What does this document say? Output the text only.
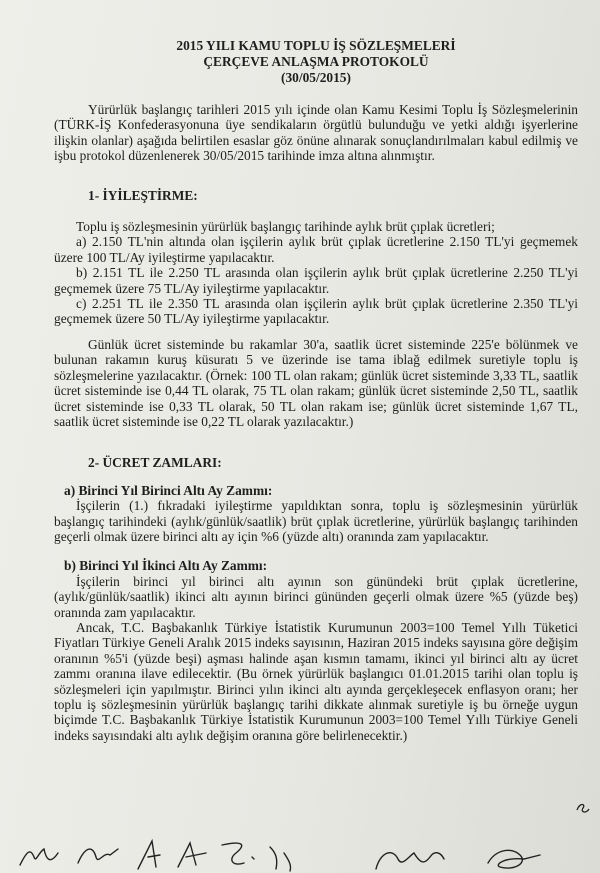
2015 YILI KAMU TOPLU İŞ SÖZLEŞMELERİ
ÇERÇEVE ANLAŞMA PROTOKOLÜ
(30/05/2015)

Yürürlük başlangıç tarihleri 2015 yılı içinde olan Kamu Kesimi Toplu İş Sözleşmelerinin (TÜRK-İŞ Konfederasyonuna üye sendikaların örgütlü bulunduğu ve yetki aldığı işyerlerine ilişkin olanlar) aşağıda belirtilen esaslar göz önüne alınarak sonuçlandırılmaları kabul edilmiş ve işbu protokol düzenlenerek 30/05/2015 tarihinde imza altına alınmıştır.

1- İYİLEŞTİRME:

Toplu iş sözleşmesinin yürürlük başlangıç tarihinde aylık brüt çıplak ücretleri;

a) 2.150 TL'nin altında olan işçilerin aylık brüt çıplak ücretlerine 2.150 TL'yi geçmemek üzere 100 TL/Ay iyileştirme yapılacaktır.

b) 2.151 TL ile 2.250 TL arasında olan işçilerin aylık brüt çıplak ücretlerine 2.250 TL'yi geçmemek üzere 75 TL/Ay iyileştirme yapılacaktır.

c) 2.251 TL ile 2.350 TL arasında olan işçilerin aylık brüt çıplak ücretlerine 2.350 TL'yi geçmemek üzere 50 TL/Ay iyileştirme yapılacaktır.

Günlük ücret sisteminde bu rakamlar 30'a, saatlik ücret sisteminde 225'e bölünmek ve bulunan rakamın kuruş küsuratı 5 ve üzerinde ise tama iblağ edilmek suretiyle toplu iş sözleşmelerine yazılacaktır. (Örnek: 100 TL olan rakam; günlük ücret sisteminde 3,33 TL, saatlik ücret sisteminde ise 0,44 TL olarak, 75 TL olan rakam; günlük ücret sisteminde 2,50 TL, saatlik ücret sisteminde ise 0,33 TL olarak, 50 TL olan rakam ise; günlük ücret sisteminde 1,67 TL, saatlik ücret sisteminde ise 0,22 TL olarak yazılacaktır.)

2- ÜCRET ZAMLARI:

a) Birinci Yıl Birinci Altı Ay Zammı:

İşçilerin (1.) fıkradaki iyileştirme yapıldıktan sonra, toplu iş sözleşmesinin yürürlük başlangıç tarihindeki (aylık/günlük/saatlik) brüt çıplak ücretlerine, yürürlük başlangıç tarihinden geçerli olmak üzere birinci altı ay için %6 (yüzde altı) oranında zam yapılacaktır.

b) Birinci Yıl İkinci Altı Ay Zammı:

İşçilerin birinci yıl birinci altı ayının son günündeki brüt çıplak ücretlerine, (aylık/günlük/saatlik) ikinci altı ayının birinci gününden geçerli olmak üzere %5 (yüzde beş) oranında zam yapılacaktır.

Ancak, T.C. Başbakanlık Türkiye İstatistik Kurumunun 2003=100 Temel Yıllı Tüketici Fiyatları Türkiye Geneli Aralık 2015 indeks sayısının, Haziran 2015 indeks sayısına göre değişim oranının %5'i (yüzde beşi) aşması halinde aşan kısmın tamamı, ikinci yıl birinci altı ay ücret zammı oranına ilave edilecektir. (Bu örnek yürürlük başlangıcı 01.01.2015 tarihi olan toplu iş sözleşmeleri için yapılmıştır. Birinci yılın ikinci altı ayında gerçekleşecek enflasyon oranı; her toplu iş sözleşmesinin yürürlük başlangıç tarihi dikkate alınmak suretiyle iş bu örneğe uygun biçimde T.C. Başbakanlık Türkiye İstatistik Kurumunun 2003=100 Temel Yıllı Türkiye Geneli indeks sayısındaki altı aylık değişim oranına göre belirlenecektir.)
